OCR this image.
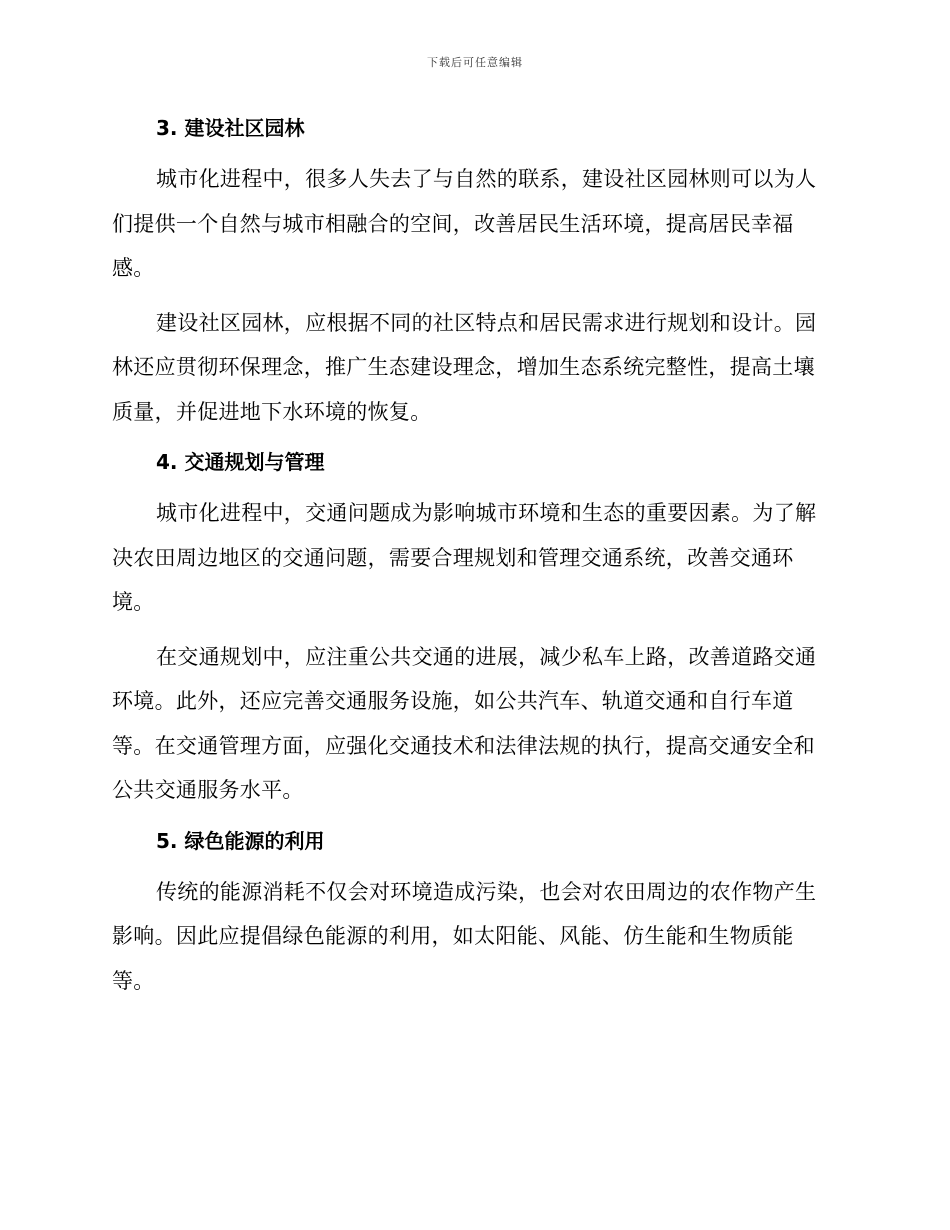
下载后可任意编辑
3. 建设社区园林

城市化进程中，很多人失去了与自然的联系，建设社区园林则可以为人们提供一个自然与城市相融合的空间，改善居民生活环境，提高居民幸福感。

建设社区园林，应根据不同的社区特点和居民需求进行规划和设计。园林还应贯彻环保理念，推广生态建设理念，增加生态系统完整性，提高土壤质量，并促进地下水环境的恢复。

4. 交通规划与管理

城市化进程中，交通问题成为影响城市环境和生态的重要因素。为了解决农田周边地区的交通问题，需要合理规划和管理交通系统，改善交通环境。

在交通规划中，应注重公共交通的进展，减少私车上路，改善道路交通环境。此外，还应完善交通服务设施，如公共汽车、轨道交通和自行车道等。在交通管理方面，应强化交通技术和法律法规的执行，提高交通安全和公共交通服务水平。

5. 绿色能源的利用

传统的能源消耗不仅会对环境造成污染，也会对农田周边的农作物产生影响。因此应提倡绿色能源的利用，如太阳能、风能、仿生能和生物质能等。
